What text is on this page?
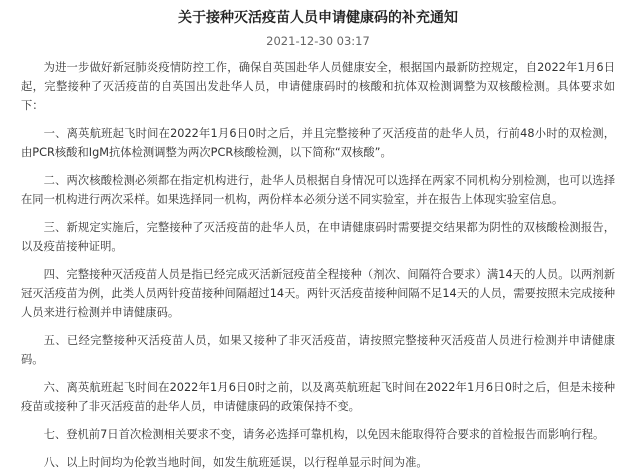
关于接种灭活疫苗人员申请健康码的补充通知
2021-12-30 03:17

为进一步做好新冠肺炎疫情防控工作，确保自英国赴华人员健康安全，根据国内最新防控规定，自2022年1月6日起，完整接种了灭活疫苗的自英国出发赴华人员，申请健康码时的核酸和抗体双检测调整为双核酸检测。具体要求如下：

一、离英航班起飞时间在2022年1月6日0时之后，并且完整接种了灭活疫苗的赴华人员，行前48小时的双检测，由PCR核酸和IgM抗体检测调整为两次PCR核酸检测，以下简称“双核酸”。

二、两次核酸检测必须都在指定机构进行，赴华人员根据自身情况可以选择在两家不同机构分别检测，也可以选择在同一机构进行两次采样。如果选择同一机构，两份样本必须分送不同实验室，并在报告上体现实验室信息。

三、新规定实施后，完整接种了灭活疫苗的赴华人员，在申请健康码时需要提交结果都为阴性的双核酸检测报告，以及疫苗接种证明。

四、完整接种灭活疫苗人员是指已经完成灭活新冠疫苗全程接种（剂次、间隔符合要求）满14天的人员。以两剂新冠灭活疫苗为例，此类人员两针疫苗接种间隔超过14天。两针灭活疫苗接种间隔不足14天的人员，需要按照未完成接种人员来进行检测并申请健康码。

五、已经完整接种灭活疫苗人员，如果又接种了非灭活疫苗，请按照完整接种灭活疫苗人员进行检测并申请健康码。

六、离英航班起飞时间在2022年1月6日0时之前，以及离英航班起飞时间在2022年1月6日0时之后，但是未接种疫苗或接种了非灭活疫苗的赴华人员，申请健康码的政策保持不变。

七、登机前7日首次检测相关要求不变，请务必选择可靠机构，以免因未能取得符合要求的首检报告而影响行程。

八、以上时间均为伦敦当地时间，如发生航班延误，以行程单显示时间为准。
